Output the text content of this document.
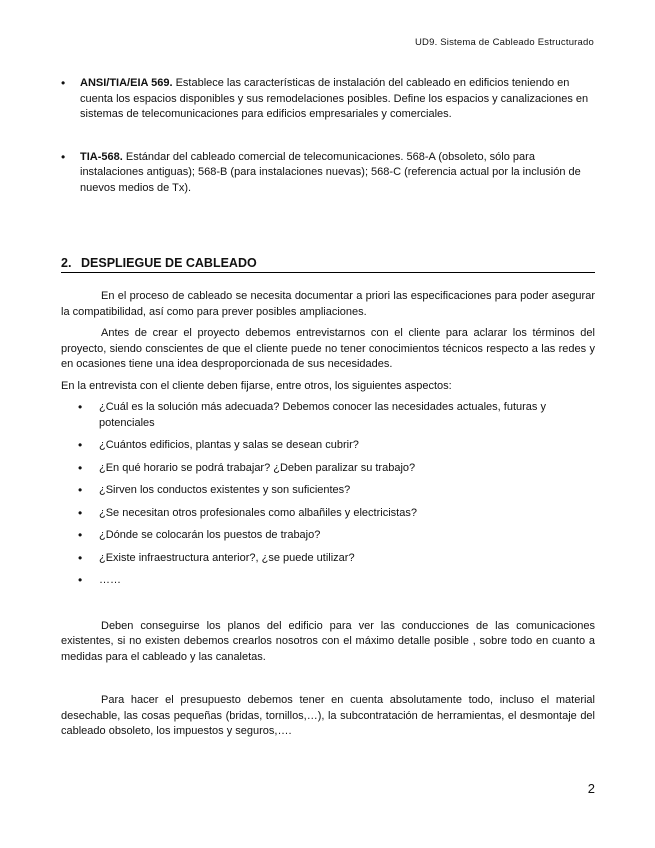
UD9. Sistema de Cableado Estructurado
• ANSI/TIA/EIA 569. Establece las características de instalación del cableado en edificios teniendo en cuenta los espacios disponibles y sus remodelaciones posibles. Define los espacios y canalizaciones en sistemas de telecomunicaciones para edificios empresariales y comerciales.
• TIA-568. Estándar del cableado comercial de telecomunicaciones. 568-A (obsoleto, sólo para instalaciones antiguas); 568-B (para instalaciones nuevas); 568-C (referencia actual por la inclusión de nuevos medios de Tx).
2. DESPLIEGUE DE CABLEADO

En el proceso de cableado se necesita documentar a priori las especificaciones para poder asegurar la compatibilidad, así como para prever posibles ampliaciones.

Antes de crear el proyecto debemos entrevistarnos con el cliente para aclarar los términos del proyecto, siendo conscientes de que el cliente puede no tener conocimientos técnicos respecto a las redes y en ocasiones tiene una idea desproporcionada de sus necesidades.

En la entrevista con el cliente deben fijarse, entre otros, los siguientes aspectos:

• ¿Cuál es la solución más adecuada? Debemos conocer las necesidades actuales, futuras y potenciales
• ¿Cuántos edificios, plantas y salas se desean cubrir?
• ¿En qué horario se podrá trabajar? ¿Deben paralizar su trabajo?
• ¿Sirven los conductos existentes y son suficientes?
• ¿Se necesitan otros profesionales como albañiles y electricistas?
• ¿Dónde se colocarán los puestos de trabajo?
• ¿Existe infraestructura anterior?, ¿se puede utilizar?
• ……

Deben conseguirse los planos del edificio para ver las conducciones de las comunicaciones existentes, si no existen debemos crearlos nosotros con el máximo detalle posible , sobre todo en cuanto a medidas para el cableado y las canaletas.

Para hacer el presupuesto debemos tener en cuenta absolutamente todo, incluso el material desechable, las cosas pequeñas (bridas, tornillos,…), la subcontratación de herramientas, el desmontaje del cableado obsoleto, los impuestos y seguros,….

2
